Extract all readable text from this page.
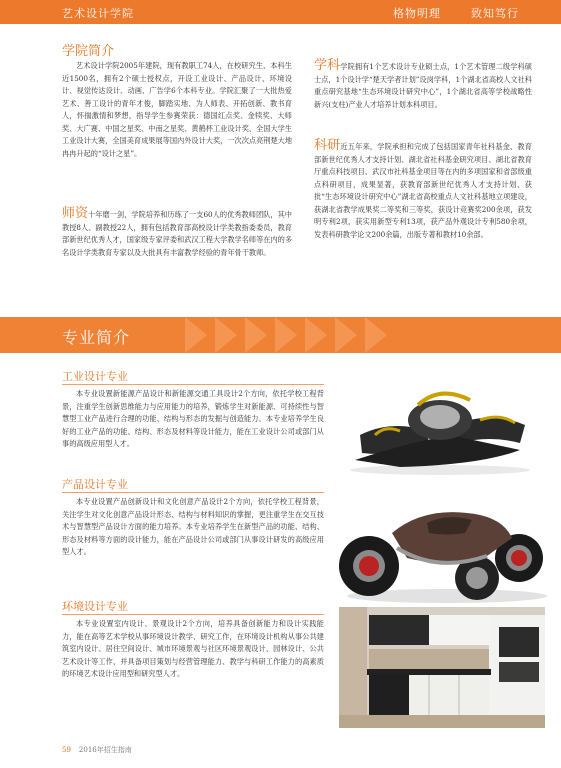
艺术设计学院	格物明理	致知笃行
学院简介

艺术设计学院2005年建院，现有教职工74人，在校研究生、本科生近1500名，拥有2个硕士授权点，开设工业设计、产品设计、环境设计、视觉传达设计、动画、广告学6个本科专业。学院汇聚了一大批热爱艺术、善工设计的青年才俊，脚踏实地、为人师表、开拓创新、教书育人，怀揣激情和梦想，指导学生参赛荣获：德国红点奖、金犊奖、大师奖、大广赛、中国之星奖、中南之星奖、黄鹤杯工业设计奖、全国大学生工业设计大赛，全国美育成果展等国内外设计大奖，一次次点亮荆楚大地冉冉升起的“设计之星”。

师资十年磨一剑，学院培养和历练了一支60人的优秀教师团队，其中教授8人、副教授22人，拥有包括教育部高校设计学类教指委委员，教育部新世纪优秀人才，国家级专家评委和武汉工程大学教学名师等在内的多名设计学类教育专家以及大批具有丰富教学经验的青年骨干教师。

学科学院拥有1个艺术设计专业硕士点，1个艺术管理二级学科硕士点，1个设计学“楚天学者计划”设岗学科，1个湖北省高校人文社科重点研究基地“生态环境设计研究中心”，1个湖北省高等学校战略性新兴(支柱)产业人才培养计划本科项目。

科研近五年来，学院承担和完成了包括国家青年社科基金、教育部新世纪优秀人才支持计划、湖北省社科基金研究项目、湖北省教育厅重点科技项目、武汉市社科基金项目等在内的多项国家和省部级重点科研项目，成果显著，获教育部新世纪优秀人才支持计划、获批“生态环境设计研究中心”湖北省高校重点人文社科基地立项建设，获湖北省教学成果奖二等奖和三等奖，获设计竞赛奖200余项，获发明专利2项，获实用新型专利13项，获产品外观设计专利580余项，发表科研教学论文200余篇，出版专著和教材10余部。

专业简介
工业设计专业

本专业设置新能源产品设计和新能源交通工具设计2个方向，依托学校工程背景，注重学生创新思维能力与应用能力的培养，锻炼学生对新能源、可持续性与智慧型工业产品进行合理的功能、结构与形态的发掘与创造能力。本专业培养学生良好的工业产品的功能、结构、形态及材料等设计能力，能在工业设计公司或部门从事的高级应用型人才。

产品设计专业

本专业设置产品创新设计和文化创意产品设计2个方向，依托学校工程背景，关注学生对文化创意产品设计形态、结构与材料知识的掌握，更注重学生在交互技术与智慧型产品设计方面的能力培养。本专业培养学生在新型产品的功能、结构、形态及材料等方面的设计能力，能在产品设计公司或部门从事设计研发的高级应用型人才。

环境设计专业

本专业设置室内设计、景观设计2个方向，培养具备创新能力和设计实践能力，能在高等艺术学校从事环境设计教学、研究工作，在环境设计机构从事公共建筑室内设计、居住空间设计、城市环境景观与社区环境景观设计、园林设计、公共艺术设计等工作，并具备项目策划与经营管理能力、教学与科研工作能力的高素质的环境艺术设计应用型和研究型人才。

59 2016年招生指南
